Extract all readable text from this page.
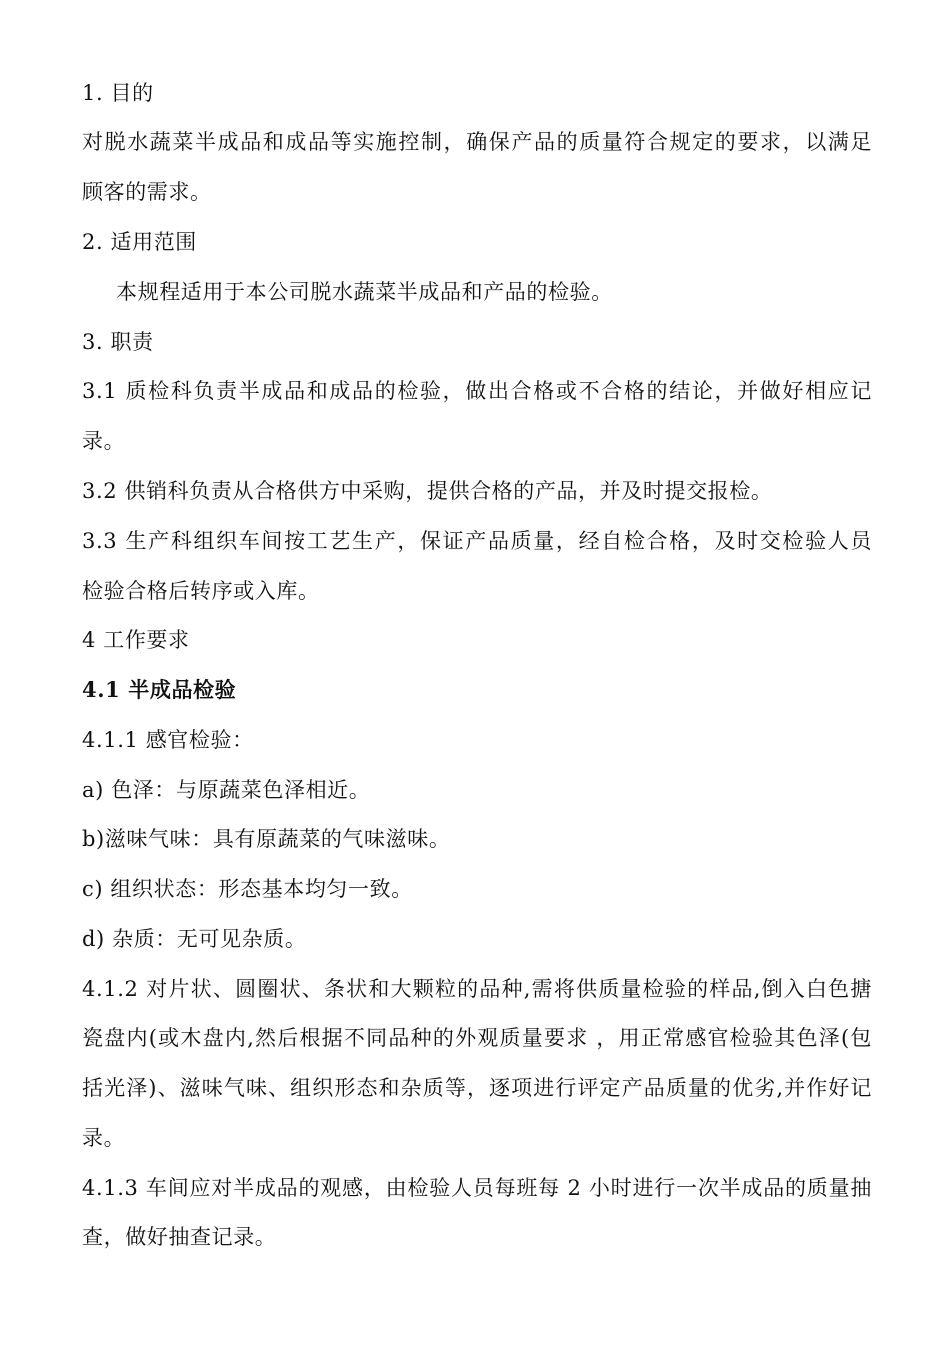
1. 目的
对脱水蔬菜半成品和成品等实施控制，确保产品的质量符合规定的要求，以满足
顾客的需求。
2. 适用范围
本规程适用于本公司脱水蔬菜半成品和产品的检验。
3. 职责
3.1 质检科负责半成品和成品的检验，做出合格或不合格的结论，并做好相应记
录。
3.2 供销科负责从合格供方中采购，提供合格的产品，并及时提交报检。
3.3 生产科组织车间按工艺生产，保证产品质量，经自检合格，及时交检验人员
检验合格后转序或入库。
4 工作要求
4.1 半成品检验
4.1.1 感官检验：
a) 色泽：与原蔬菜色泽相近。
b)滋味气味：具有原蔬菜的气味滋味。
c) 组织状态：形态基本均匀一致。
d) 杂质：无可见杂质。
4.1.2 对片状、圆圈状、条状和大颗粒的品种,需将供质量检验的样品,倒入白色搪
瓷盘内(或木盘内,然后根据不同品种的外观质量要求 ，用正常感官检验其色泽(包
括光泽)、滋味气味、组织形态和杂质等，逐项进行评定产品质量的优劣,并作好记
录。
4.1.3 车间应对半成品的观感，由检验人员每班每 2 小时进行一次半成品的质量抽
查，做好抽查记录。
